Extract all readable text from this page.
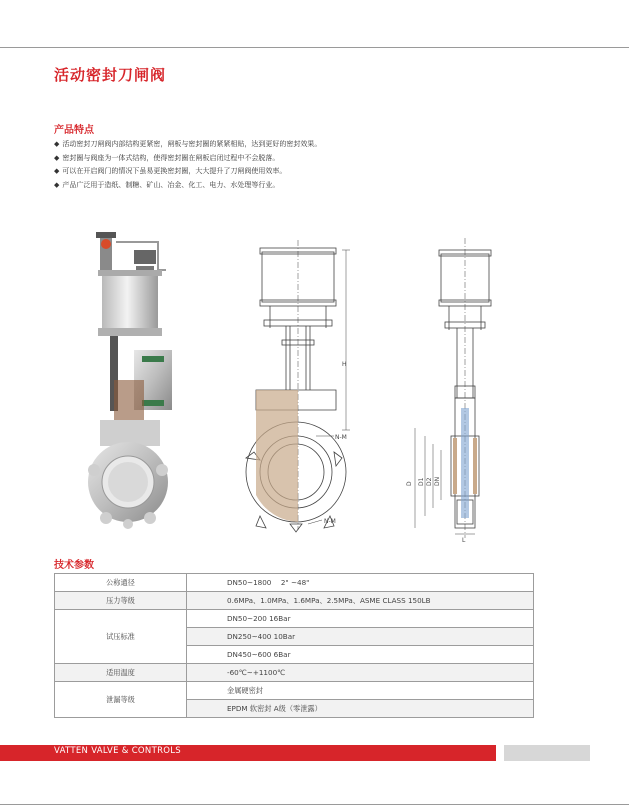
活动密封刀闸阀
产品特点
◆ 活动密封刀闸阀内部结构更紧密，闸板与密封圈的紧紧相贴，达到更好的密封效果。
◆ 密封圈与阀座为一体式结构，使得密封圈在闸板启闭过程中不会脱落。
◆ 可以在开启阀门的情况下虽易更换密封圈，大大提升了刀闸阀使用效率。
◆ 产品广泛用于造纸、制糖、矿山、冶金、化工、电力、水处理等行业。
H
N-M
N-M
D D1 D2 DN
L
技术参数
公称通径	DN50~1800　 2" ~48"
压力等级	0.6MPa、1.0MPa、1.6MPa、2.5MPa、ASME CLASS 150LB
试压标准	DN50~200 16Bar
	DN250~400 10Bar
	DN450~600 6Bar
适用温度	-60℃~+1100℃
泄漏等级	金属硬密封
	EPDM 软密封 A级（零泄露）
VATTEN VALVE & CONTROLS
